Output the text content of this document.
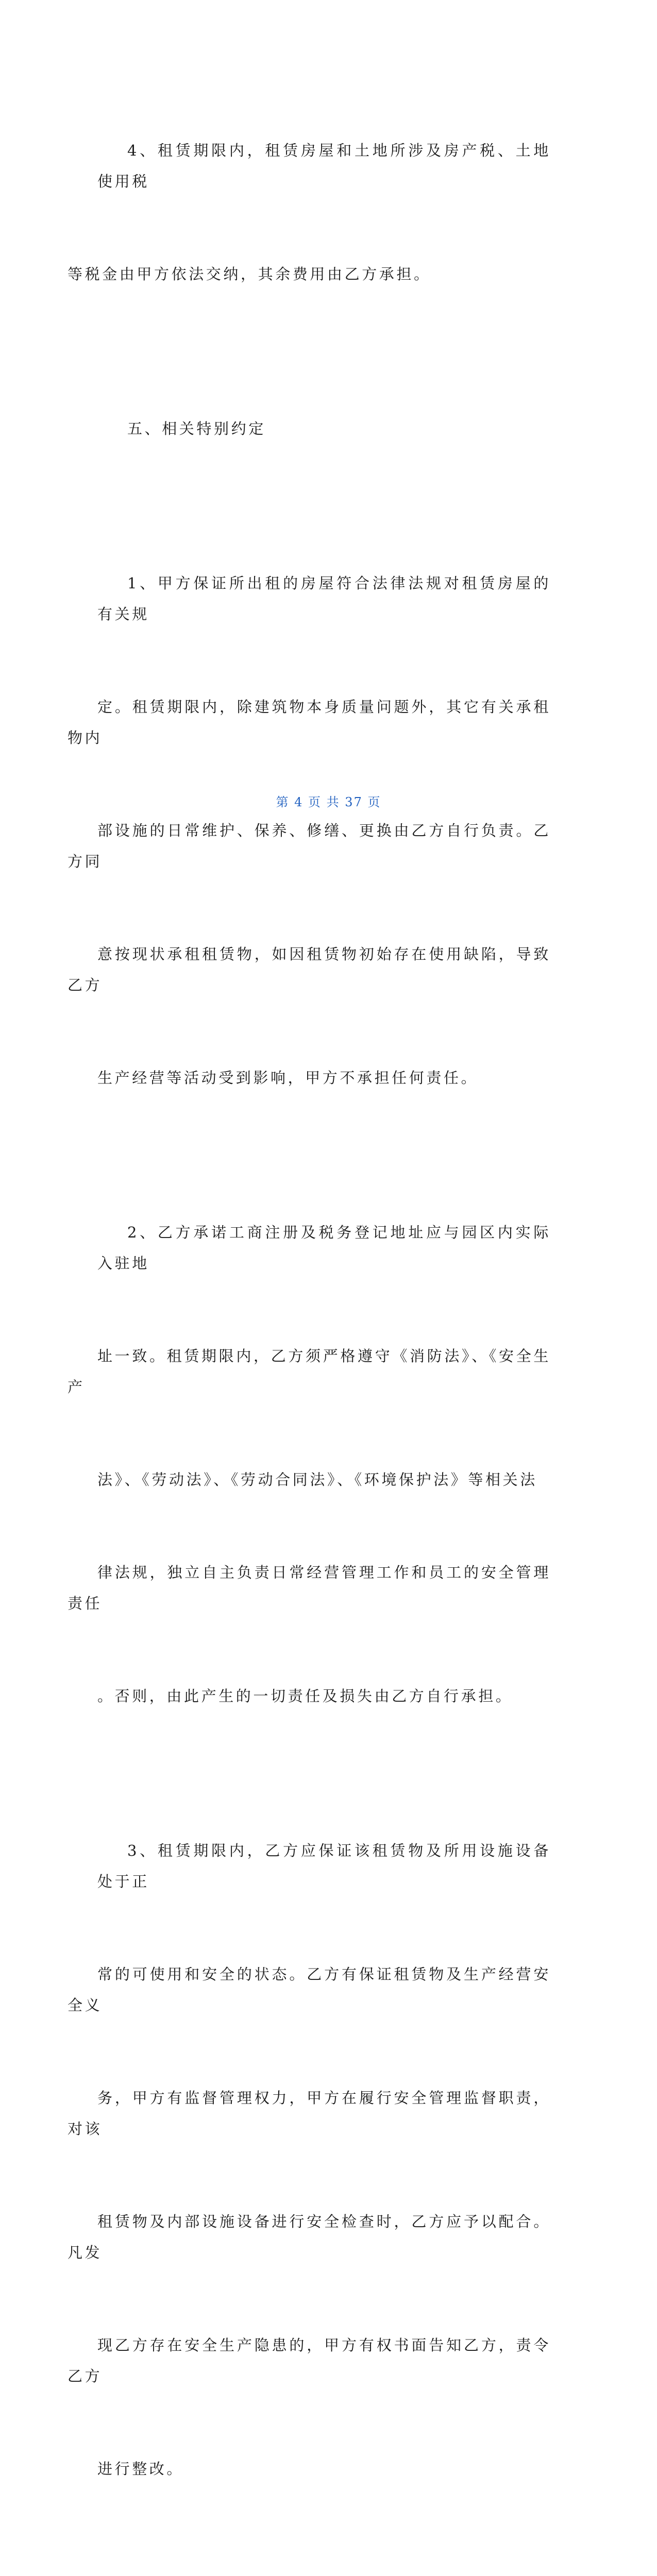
4、租赁期限内，租赁房屋和土地所涉及房产税、土地使用税

等税金由甲方依法交纳，其余费用由乙方承担。

五、相关特别约定

1、甲方保证所出租的房屋符合法律法规对租赁房屋的有关规

定。租赁期限内，除建筑物本身质量问题外，其它有关承租物内

部设施的日常维护、保养、修缮、更换由乙方自行负责。乙方同

意按现状承租租赁物，如因租赁物初始存在使用缺陷，导致乙方

生产经营等活动受到影响，甲方不承担任何责任。

2、乙方承诺工商注册及税务登记地址应与园区内实际入驻地

址一致。租赁期限内，乙方须严格遵守《消防法》、《安全生产

法》、《劳动法》、《劳动合同法》、《环境保护法》等相关法

律法规，独立自主负责日常经营管理工作和员工的安全管理责任

。否则，由此产生的一切责任及损失由乙方自行承担。

3、租赁期限内，乙方应保证该租赁物及所用设施设备处于正

常的可使用和安全的状态。乙方有保证租赁物及生产经营安全义

务，甲方有监督管理权力，甲方在履行安全管理监督职责，对该

租赁物及内部设施设备进行安全检查时，乙方应予以配合。凡发

现乙方存在安全生产隐患的，甲方有权书面告知乙方，责令乙方

进行整改。

第 4 页 共 37 页
